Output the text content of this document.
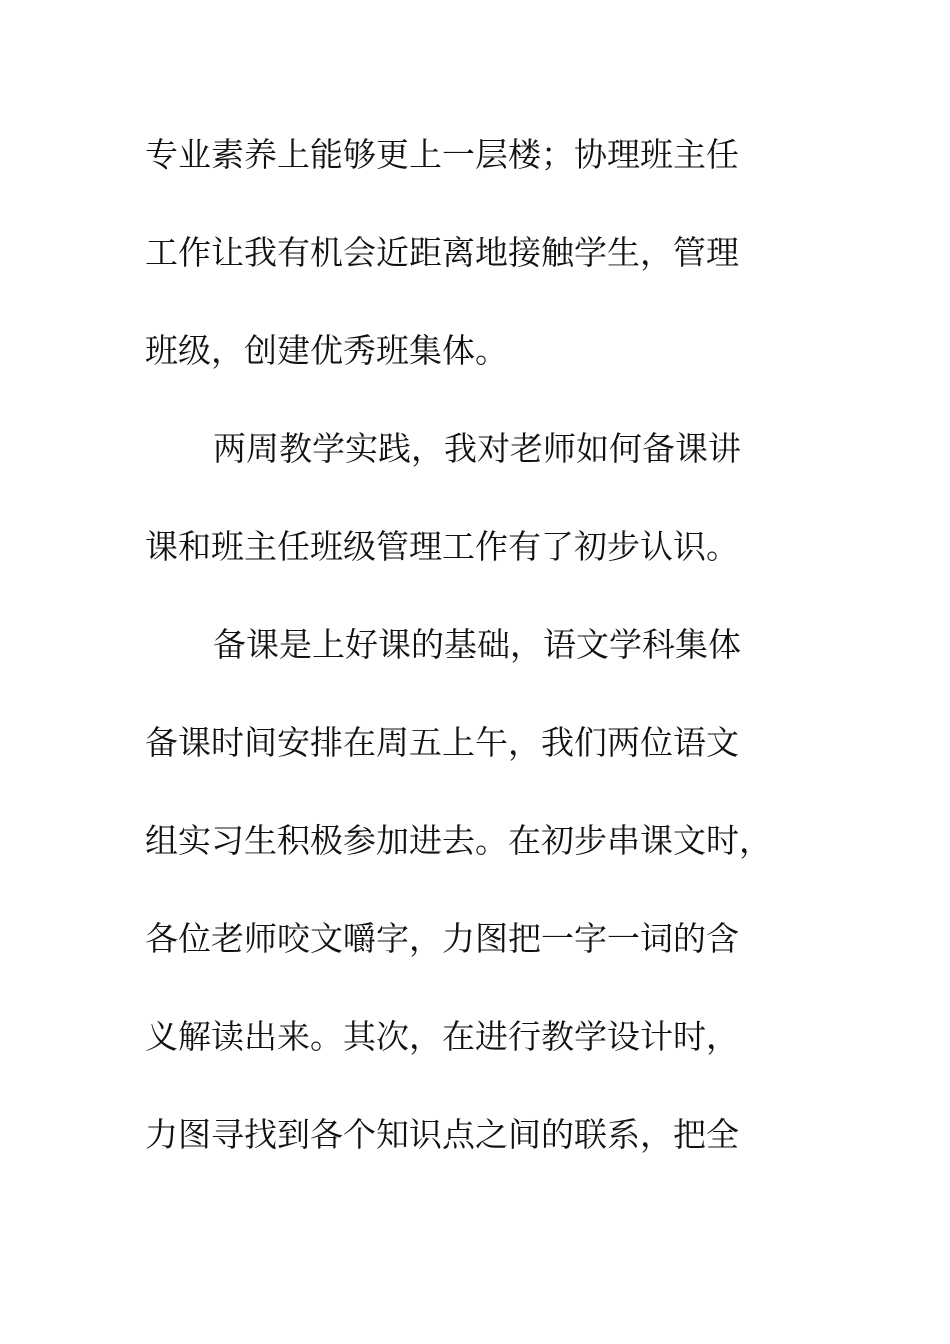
专业素养上能够更上一层楼；协理班主任
工作让我有机会近距离地接触学生，管理
班级，创建优秀班集体。
两周教学实践，我对老师如何备课讲
课和班主任班级管理工作有了初步认识。
备课是上好课的基础，语文学科集体
备课时间安排在周五上午，我们两位语文
组实习生积极参加进去。在初步串课文时，
各位老师咬文嚼字，力图把一字一词的含
义解读出来。其次，在进行教学设计时，
力图寻找到各个知识点之间的联系，把全
